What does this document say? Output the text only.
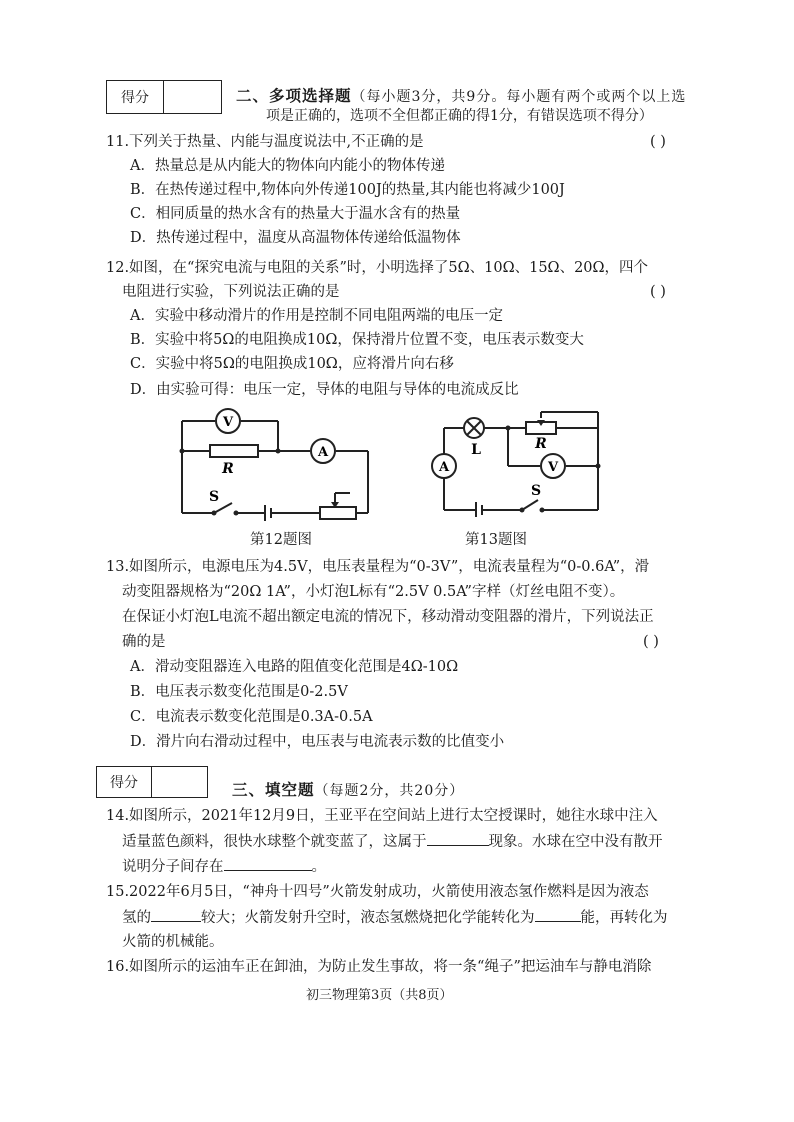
得分	二、多项选择题（每小题3分，共9分。每小题有两个或两个以上选
项是正确的，选项不全但都正确的得1分，有错误选项不得分）
11.下列关于热量、内能与温度说法中,不正确的是	( )
A．热量总是从内能大的物体向内能小的物体传递
B．在热传递过程中,物体向外传递100J的热量,其内能也将减少100J
C．相同质量的热水含有的热量大于温水含有的热量
D．热传递过程中，温度从高温物体传递给低温物体
12.如图，在“探究电流与电阻的关系”时，小明选择了5Ω、10Ω、15Ω、20Ω，四个
电阻进行实验，下列说法正确的是	( )
A．实验中移动滑片的作用是控制不同电阻两端的电压一定
B．实验中将5Ω的电阻换成10Ω，保持滑片位置不变，电压表示数变大
C．实验中将5Ω的电阻换成10Ω，应将滑片向右移
D．由实验可得：电压一定，导体的电阻与导体的电流成反比
V
A
R
S
A	V
L	R
S
第12题图	第13题图
13.如图所示，电源电压为4.5V，电压表量程为“0-3V”，电流表量程为“0-0.6A”，滑
动变阻器规格为“20Ω 1A”，小灯泡L标有“2.5V 0.5A”字样（灯丝电阻不变）。
在保证小灯泡L电流不超出额定电流的情况下，移动滑动变阻器的滑片，下列说法正
确的是	( )
A．滑动变阻器连入电路的阻值变化范围是4Ω-10Ω
B．电压表示数变化范围是0-2.5V
C．电流表示数变化范围是0.3A-0.5A
D．滑片向右滑动过程中，电压表与电流表示数的比值变小
得分	三、填空题（每题2分，共20分）
14.如图所示，2021年12月9日，王亚平在空间站上进行太空授课时，她往水球中注入
适量蓝色颜料，很快水球整个就变蓝了，这属于	现象。水球在空中没有散开
说明分子间存在	。
15.2022年6月5日，“神舟十四号”火箭发射成功，火箭使用液态氢作燃料是因为液态
氢的	较大；火箭发射升空时，液态氢燃烧把化学能转化为	能，再转化为
火箭的机械能。
16.如图所示的运油车正在卸油，为防止发生事故，将一条“绳子”把运油车与静电消除
初三物理第3页（共8页）
